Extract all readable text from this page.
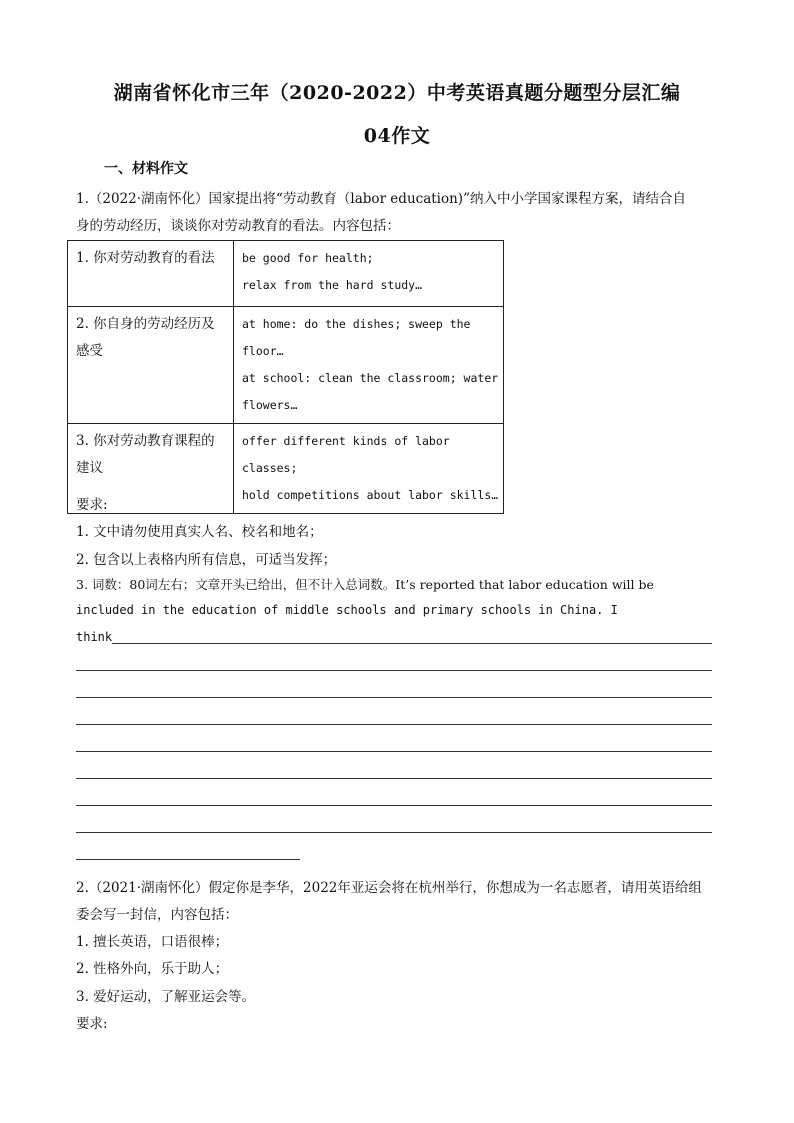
湖南省怀化市三年（2020-2022）中考英语真题分题型分层汇编
04作文
一、材料作文
1.（2022·湖南怀化）国家提出将“劳动教育（labor education)”纳入中小学国家课程方案，请结合自
身的劳动经历，谈谈你对劳动教育的看法。内容包括：
1. 你对劳动教育的看法	be good for health;
relax from the hard study…

2. 你自身的劳动经历及感受	at home: do the dishes; sweep the floor…
at school: clean the classroom; water
flowers…

3. 你对劳动教育课程的建议	offer different kinds of labor classes;
hold competitions about labor skills…
要求:
1. 文中请勿使用真实人名、校名和地名；
2. 包含以上表格内所有信息，可适当发挥；
3. 词数：80词左右；文章开头已给出，但不计入总词数。It’s reported that labor education will be
included in the education of middle schools and primary schools in China. I
think
2.（2021·湖南怀化）假定你是李华，2022年亚运会将在杭州举行，你想成为一名志愿者，请用英语给组
委会写一封信，内容包括：
1. 擅长英语，口语很棒；
2. 性格外向，乐于助人；
3. 爱好运动，了解亚运会等。
要求:
